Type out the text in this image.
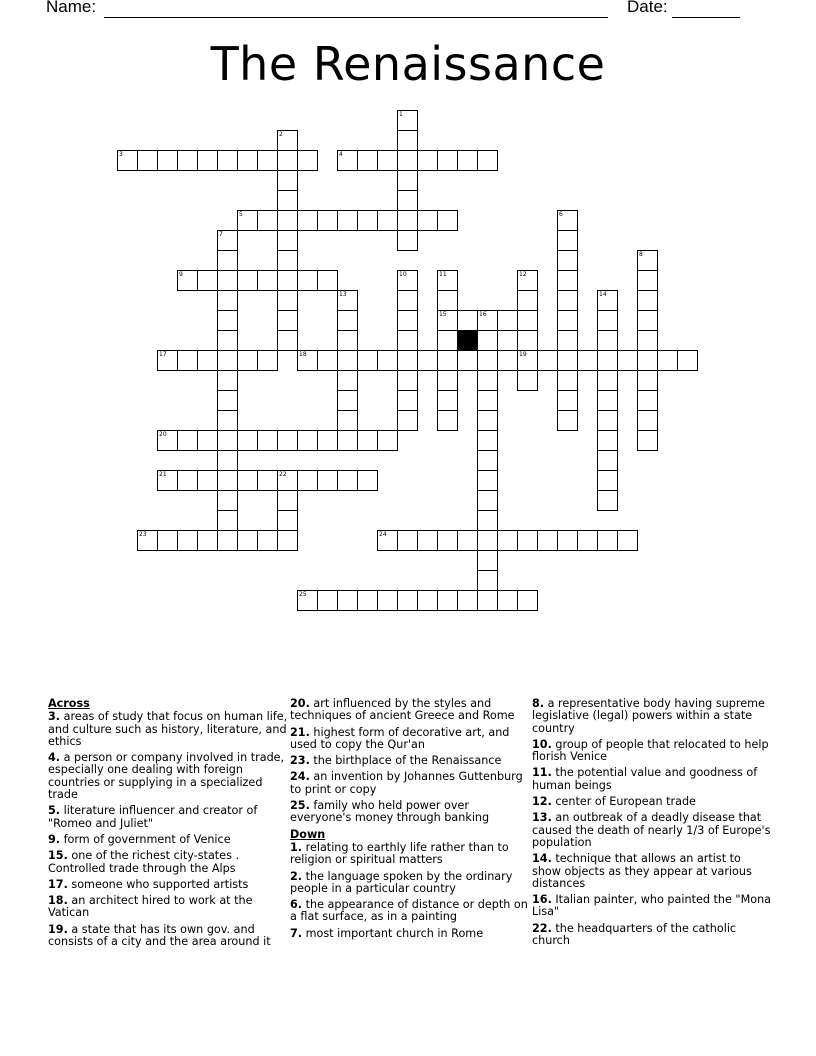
Name:	Date:
The Renaissance
1
2
3	4
5	6
7
8
9	10	11
15
12
19
13	14
16
17	18
20
21	22
23	24
25
Across
3. areas of study that focus on human life, and culture such as history, literature, and ethics
4. a person or company involved in trade, especially one dealing with foreign countries or supplying in a specialized trade
5. literature influencer and creator of "Romeo and Juliet"
9. form of government of Venice
15. one of the richest city-states . Controlled trade through the Alps
17. someone who supported artists
18. an architect hired to work at the Vatican
19. a state that has its own gov. and consists of a city and the area around it
20. art influenced by the styles and techniques of ancient Greece and Rome
21. highest form of decorative art, and used to copy the Qur'an
23. the birthplace of the Renaissance
24. an invention by Johannes Guttenburg to print or copy
25. family who held power over everyone's money through banking
Down
1. relating to earthly life rather than to religion or spiritual matters
2. the language spoken by the ordinary people in a particular country
6. the appearance of distance or depth on a flat surface, as in a painting
7. most important church in Rome
8. a representative body having supreme legislative (legal) powers within a state country
10. group of people that relocated to help florish Venice
11. the potential value and goodness of human beings
12. center of European trade
13. an outbreak of a deadly disease that caused the death of nearly 1/3 of Europe's population
14. technique that allows an artist to show objects as they appear at various distances
16. Italian painter, who painted the "Mona Lisa"
22. the headquarters of the catholic church
